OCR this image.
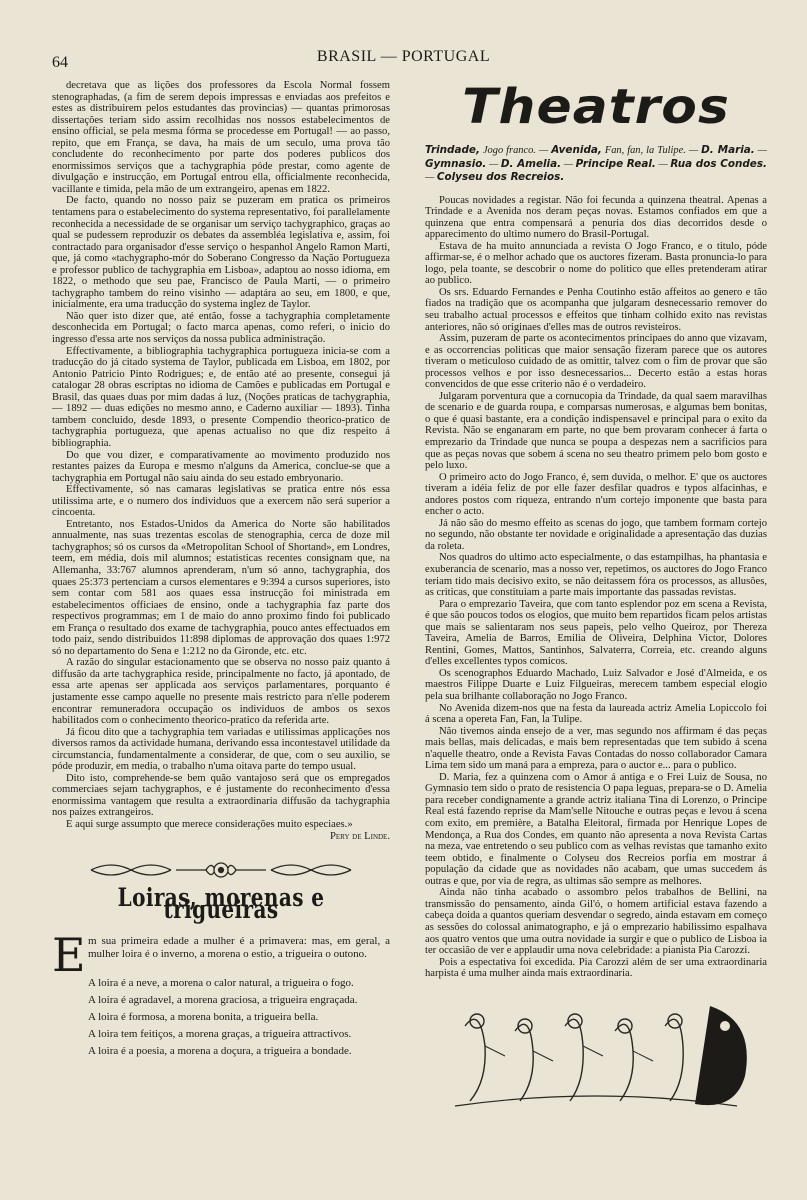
64	BRASIL — PORTUGAL

decretava que as lições dos professores da Escola Normal fossem stenographadas, (a fim de serem depois impressas e enviadas aos prefeitos e estes as distribuirem pelos estudantes das provincias) — quantas primorosas dissertações teriam sido assim recolhidas nos nossos estabelecimentos de ensino official, se pela mesma fórma se procedesse em Portugal! — ao passo, repito, que em França, se dava, ha mais de um seculo, uma prova tão concludente do reconhecimento por parte dos poderes publicos dos enormissimos serviços que a tachygraphia póde prestar, como agente de divulgação e instrucção, em Portugal entrou ella, officialmente reconhecida, vacillante e timida, pela mão de um extrangeiro, apenas em 1822.

De facto, quando no nosso paiz se puzeram em pratica os primeiros tentamens para o estabelecimento do systema representativo, foi parallelamente reconhecida a necessidade de se organisar um serviço tachygraphico, graças ao qual se pudessem reproduzir os debates da assembléa legislativa e, assim, foi contractado para organisador d'esse serviço o hespanhol Angelo Ramon Marti, que, já como «tachygrapho-mór do Soberano Congresso da Nação Portugueza e professor publico de tachygraphia em Lisboa», adaptou ao nosso idioma, em 1822, o methodo que seu pae, Francisco de Paula Marti, — o primeiro tachygrapho tambem do reino visinho — adaptára ao seu, em 1800, e que, inicialmente, era uma traducção do systema inglez de Taylor.

Não quer isto dizer que, até então, fosse a tachygraphia completamente desconhecida em Portugal; o facto marca apenas, como referi, o inicio do ingresso d'essa arte nos serviços da nossa publica administração.

Effectivamente, a bibliographia tachygraphica portugueza inicia-se com a traducção do já citado systema de Taylor, publicada em Lisboa, em 1802, por Antonio Patricio Pinto Rodrigues; e, de então até ao presente, consegui já catalogar 28 obras escriptas no idioma de Camões e publicadas em Portugal e Brasil, das quaes duas por mim dadas á luz, (Noções praticas de tachygraphia, — 1892 — duas edições no mesmo anno, e Caderno auxiliar — 1893). Tinha tambem concluido, desde 1893, o presente Compendio theorico-pratico de tachygraphia portugueza, que apenas actualiso no que diz respeito á bibliographia.

Do que vou dizer, e comparativamente ao movimento produzido nos restantes paizes da Europa e mesmo n'alguns da America, conclue-se que a tachygraphia em Portugal não saiu ainda do seu estado embryonario.

Effectivamente, só nas camaras legislativas se pratica entre nós essa utilissima arte, e o numero dos individuos que a exercem não será superior a cincoenta.

Entretanto, nos Estados-Unidos da America do Norte são habilitados annualmente, nas suas trezentas escolas de stenographia, cerca de doze mil tachygraphos; só os cursos da «Metropolitan School of Shortand», em Londres, teem, em média, dois mil alumnos; estatisticas recentes consignam que, na Allemanha, 33:767 alumnos aprenderam, n'um só anno, tachygraphia, dos quaes 25:373 pertenciam a cursos elementares e 9:394 a cursos superiores, isto sem contar com 581 aos quaes essa instrucção foi ministrada em estabelecimentos officiaes de ensino, onde a tachygraphia faz parte dos respectivos programmas; em 1 de maio do anno proximo findo foi publicado em França o resultado dos exame de tachygraphia, pouco antes effectuados em todo paiz, sendo distribuidos 11:898 diplomas de approvação dos quaes 1:972 só no departamento do Sena e 1:212 no da Gironde, etc. etc.

A razão do singular estacionamento que se observa no nosso paiz quanto á diffusão da arte tachygraphica reside, principalmente no facto, já apontado, de essa arte apenas ser applicada aos serviços parlamentares, porquanto é justamente esse campo aquelle no presente mais restricto para n'elle poderem encontrar remuneradora occupação os individuos de ambos os sexos habilitados com o conhecimento theorico-pratico da referida arte.

Já ficou dito que a tachygraphia tem variadas e utilissimas applicações nos diversos ramos da actividade humana, derivando essa incontestavel utilidade da circumstancia, fundamentalmente a considerar, de que, com o seu auxilio, se póde produzir, em media, o trabalho n'uma oitava parte do tempo usual.

Dito isto, comprehende-se bem quão vantajoso será que os empregados commerciaes sejam tachygraphos, e é justamente do reconhecimento d'essa enormissima vantagem que resulta a extraordinaria diffusão da tachygraphia nos paizes extrangeiros.

E aqui surge assumpto que merece considerações muito especiaes.»

Pery de Linde.

Loiras, morenas e trigueiras

E m sua primeira edade a mulher é a primavera: mas, em geral, a mulher loira é o inverno, a morena o estio, a trigueira o outono.

A loira é a neve, a morena o calor natural, a trigueira o fogo.

A loira é agradavel, a morena graciosa, a trigueira engraçada.

A loira é formosa, a morena bonita, a trigueira bella.

A loira tem feitiços, a morena graças, a trigueira attractivos.

A loira é a poesia, a morena a doçura, a trigueira a bondade.

Theatros

Trindade, Jogo franco. — Avenida, Fan, fan, la Tulipe. — D. Maria. — Gymnasio. — D. Amelia. — Principe Real. — Rua dos Condes. — Colyseu dos Recreios.

Poucas novidades a registar. Não foi fecunda a quinzena theatral. Apenas a Trindade e a Avenida nos deram peças novas. Estamos confiados em que a quinzena que entra compensará a penuria dos dias decorridos desde o apparecimento do ultimo numero do Brasil-Portugal.

Estava de ha muito annunciada a revista O Jogo Franco, e o titulo, póde affirmar-se, é o melhor achado que os auctores fizeram. Basta pronuncia-lo para logo, pela toante, se descobrir o nome do politico que elles pretenderam atirar ao publico.

Os srs. Eduardo Fernandes e Penha Coutinho estão affeitos ao genero e tão fiados na tradição que os acompanha que julgaram desnecessario remover do seu trabalho actual processos e effeitos que tinham colhido exito nas revistas anteriores, não só originaes d'elles mas de outros revisteiros.

Assim, puzeram de parte os acontecimentos principaes do anno que vizavam, e as occorrencias politicas que maior sensação fizeram parece que os autores tiveram o meticuloso cuidado de as omittir, talvez com o fim de provar que são processos velhos e por isso desnecessarios... Decerto estão a estas horas convencidos de que esse criterio não é o verdadeiro.

Julgaram porventura que a cornucopia da Trindade, da qual saem maravilhas de scenario e de guarda roupa, e comparsas numerosas, e algumas bem bonitas, o que é quasi bastante, era a condição indispensavel e principal para o exito da Revista. Não se enganaram em parte, no que bem provaram conhecer á farta o emprezario da Trindade que nunca se poupa a despezas nem a sacrificios para que as peças novas que sobem á scena no seu theatro primem pelo bom gosto e pelo luxo.

O primeiro acto do Jogo Franco, é, sem duvida, o melhor. E' que os auctores tiveram a idéia feliz de por elle fazer desfilar quadros e typos alfacinhas, e andores postos com riqueza, entrando n'um cortejo imponente que basta para encher o acto.

Já não são do mesmo effeito as scenas do jogo, que tambem formam cortejo no segundo, não obstante ter novidade e originalidade a apresentação das duzias da roleta.

Nos quadros do ultimo acto especialmente, o das estampilhas, ha phantasia e exuberancia de scenario, mas a nosso ver, repetimos, os auctores do Jogo Franco teriam tido mais decisivo exito, se não deitassem fóra os processos, as allusões, as criticas, que constituiam a parte mais importante das passadas revistas.

Para o emprezario Taveira, que com tanto esplendor poz em scena a Revista, é que são poucos todos os elogios, que muito bem repartidos ficam pelos artistas que mais se salientaram nos seus papeis, pelo velho Queiroz, por Thereza Taveira, Amelia de Barros, Emilia de Oliveira, Delphina Victor, Dolores Rentini, Gomes, Mattos, Santinhos, Salvaterra, Correia, etc. creando alguns d'elles excellentes typos comicos.

Os scenographos Eduardo Machado, Luiz Salvador e José d'Almeida, e os maestros Filippe Duarte e Luiz Filgueiras, merecem tambem especial elogio pela sua brilhante collaboração no Jogo Franco.

No Avenida dizem-nos que na festa da laureada actriz Amelia Lopiccolo foi á scena a opereta Fan, Fan, la Tulipe.

Não tivemos ainda ensejo de a ver, mas segundo nos affirmam é das peças mais bellas, mais delicadas, e mais bem representadas que tem subido á scena n'aquelle theatro, onde a Revista Favas Contadas do nosso collaborador Camara Lima tem sido um maná para a empreza, para o auctor e... para o publico.

D. Maria, fez a quinzena com o Amor á antiga e o Frei Luiz de Sousa, no Gymnasio tem sido o prato de resistencia O papa leguas, prepara-se o D. Amelia para receber condignamente a grande actriz italiana Tina di Lorenzo, o Principe Real está fazendo reprise da Mam'selle Nitouche e outras peças e levou á scena com exito, em première, a Batalha Eleitoral, firmada por Henrique Lopes de Mendonça, a Rua dos Condes, em quanto não apresenta a nova Revista Cartas na meza, vae entretendo o seu publico com as velhas revistas que tamanho exito teem obtido, e finalmente o Colyseu dos Recreios porfia em mostrar á população da cidade que as novidades não acabam, que umas succedem ás outras e que, por via de regra, as ultimas são sempre as melhores.

Ainda não tinha acabado o assombro pelos trabalhos de Bellini, na transmissão do pensamento, ainda Gil'ó, o homem artificial estava fazendo a cabeça doida a quantos queriam desvendar o segredo, ainda estavam em começo as sessões do colossal animatographo, e já o emprezario habilissimo espalhava aos quatro ventos que uma outra novidade ia surgir e que o publico de Lisboa ia ter occasião de ver e applaudir uma nova celebridade: a pianista Pia Carozzi.

Pois a espectativa foi excedida. Pia Carozzi além de ser uma extraordinaria harpista é uma mulher ainda mais extraordinaria.
